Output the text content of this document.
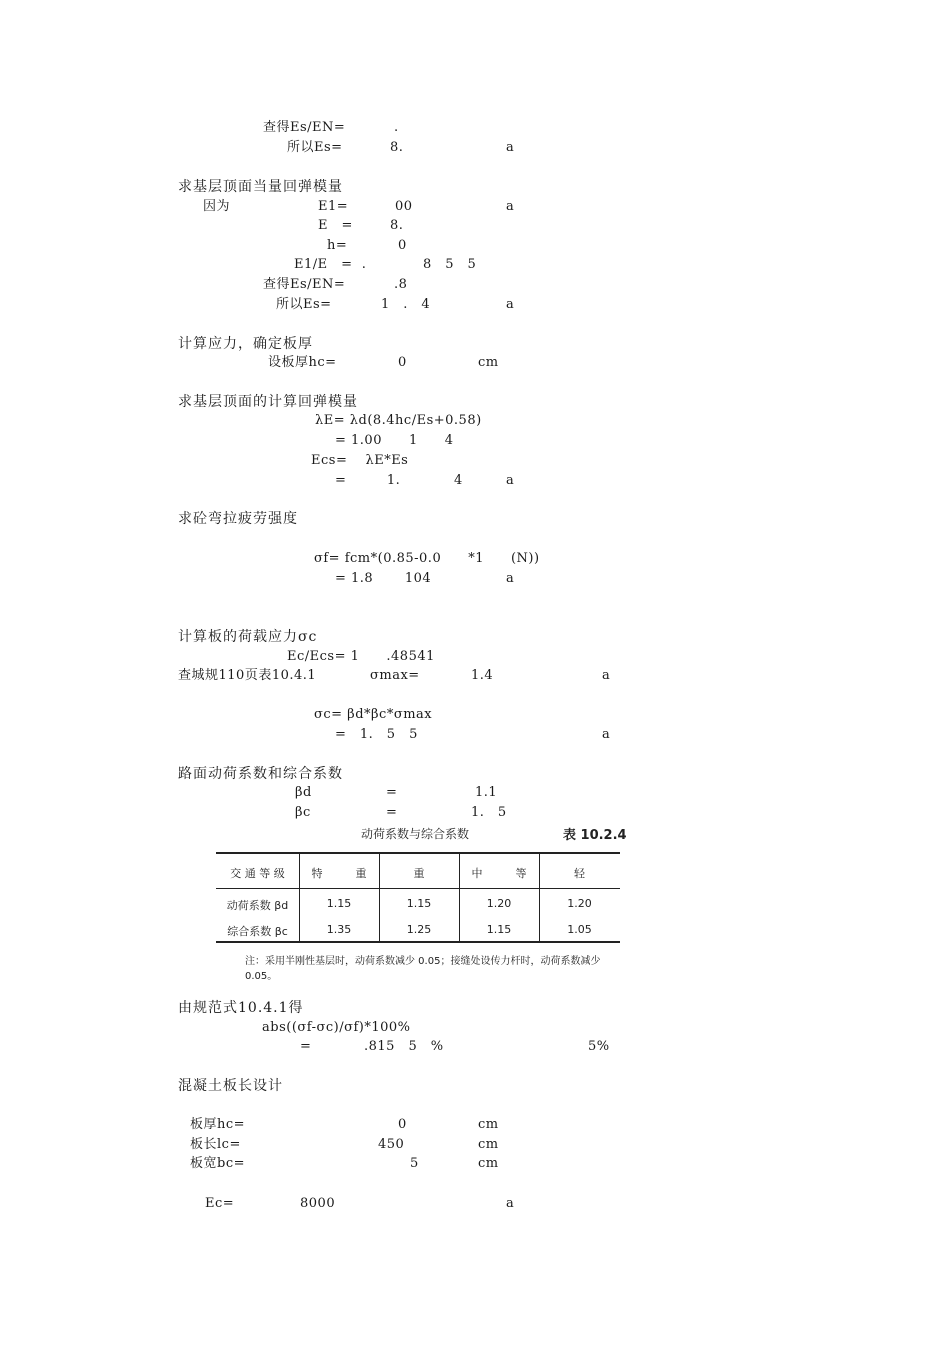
查得Es/EN=	.
所以Es=	8.	a
求基层顶面当量回弹模量
因为	E1=	00	a
E　=	8.
h=	0
E1/E　=  .	8　5　5
查得Es/EN=	.8
所以Es=	1　.　4	a
计算应力，确定板厚
设板厚hc=	0	cm
求基层顶面的计算回弹模量
λE= λd(8.4hc/Es+0.58)
= 1.00　　1　　4
Ecs=　 λE*Es
=　　　1.	4	a
求砼弯拉疲劳强度
σf= fcm*(0.85-0.0　　*1　　(N))
= 1.8　　 104	a
计算板的荷载应力σc
Ec/Ecs= 1　　.48541
查城规110页表10.4.1	σmax=	1.4	a
σc= βd*βc*σmax
=　1.　5　5	a
路面动荷系数和综合系数
βd	=	1.1
βc	=	1.　5
动荷系数与综合系数	表 10.2.4
交 通 等 级	特　　　重	重	中　　　等	轻
动荷系数 βd	1.15	1.15	1.20	1.20
综合系数 βc	1.35	1.25	1.15	1.05
注：采用半刚性基层时，动荷系数减少 0.05；接缝处设传力杆时，动荷系数减少 0.05。
由规范式10.4.1得
abs((σf-σc)/σf)*100%
=	.815　5　%	5%
混凝土板长设计
板厚hc=	0	cm
板长lc=	450	cm
板宽bc=	5	cm
Ec=	8000	a
